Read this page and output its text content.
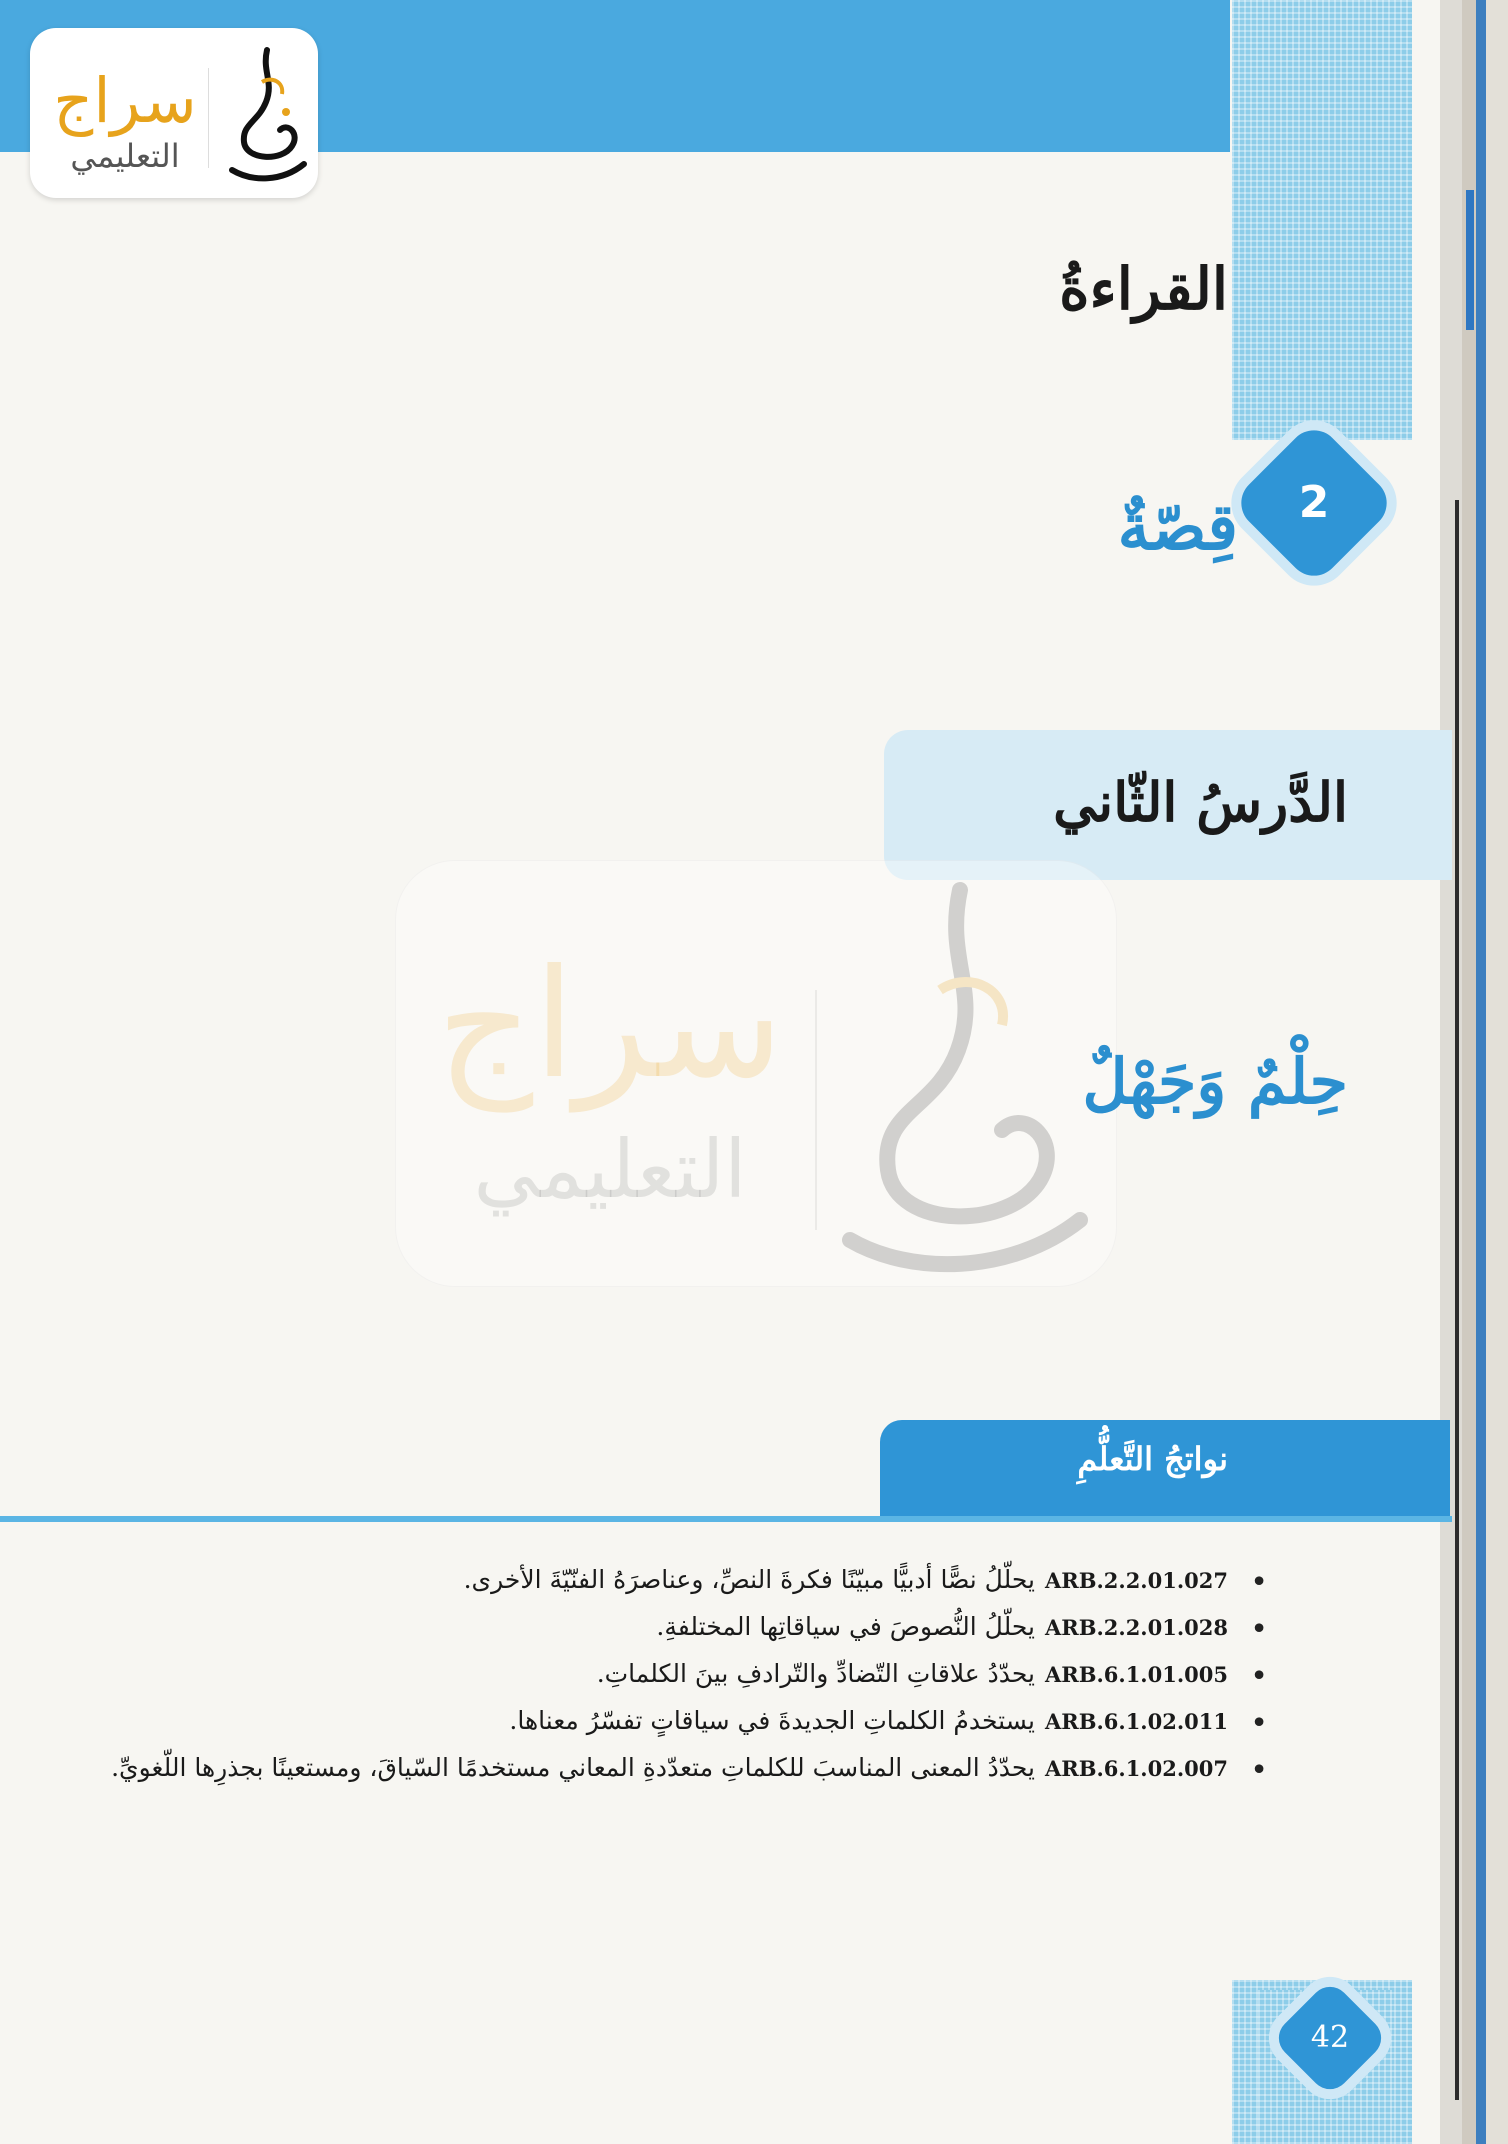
سراج
التعليمي
القراءةُ
2
قِصّةٌ
الدَّرسُ الثّاني
سراج
التعليمي
حِلْمٌ وَجَهْلٌ
نواتجُ التَّعلُّمِ
• ARB.2.2.01.027يحلّلُ نصًّا أدبيًّا مبيّنًا فكرةَ النصِّ، وعناصرَهُ الفنّيّةَ الأخرى.
• ARB.2.2.01.028يحلّلُ النُّصوصَ في سياقاتِها المختلفةِ.
• ARB.6.1.01.005يحدّدُ علاقاتِ التّضادِّ والتّرادفِ بينَ الكلماتِ.
• ARB.6.1.02.011يستخدمُ الكلماتِ الجديدةَ في سياقاتٍ تفسّرُ معناها.
• ARB.6.1.02.007يحدّدُ المعنى المناسبَ للكلماتِ متعدّدةِ المعاني مستخدمًا السّياقَ، ومستعينًا بجذرِها اللّغويِّ.
42
